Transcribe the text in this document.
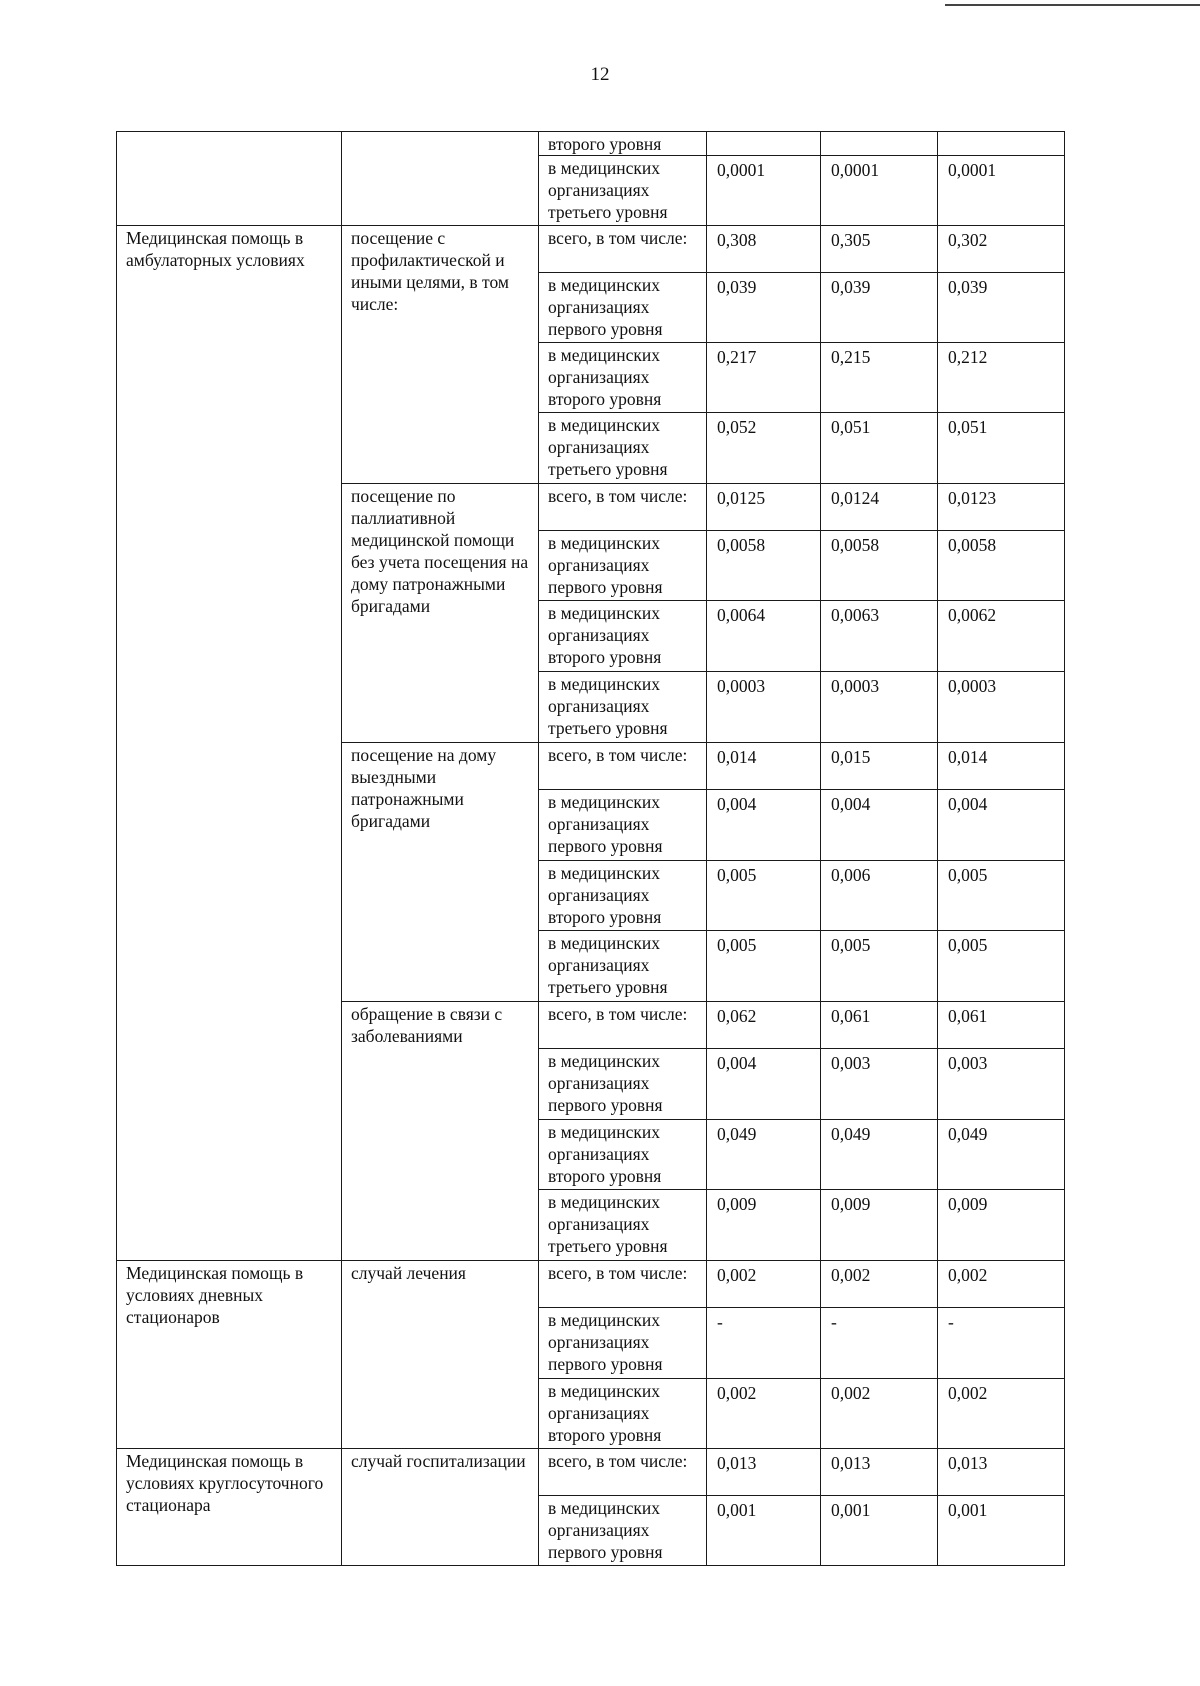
12
		второго уровня			
		в медицинских организациях третьего уровня	0,0001	0,0001	0,0001
Медицинская помощь в амбулаторных условиях	посещение с профилактической и иными целями, в том числе:	всего, в том числе:	0,308	0,305	0,302
		в медицинских организациях первого уровня	0,039	0,039	0,039
		в медицинских организациях второго уровня	0,217	0,215	0,212
		в медицинских организациях третьего уровня	0,052	0,051	0,051
	посещение по паллиативной медицинской помощи без учета посещения на дому патронажными бригадами	всего, в том числе:	0,0125	0,0124	0,0123
		в медицинских организациях первого уровня	0,0058	0,0058	0,0058
		в медицинских организациях второго уровня	0,0064	0,0063	0,0062
		в медицинских организациях третьего уровня	0,0003	0,0003	0,0003
	посещение на дому выездными патронажными бригадами	всего, в том числе:	0,014	0,015	0,014
		в медицинских организациях первого уровня	0,004	0,004	0,004
		в медицинских организациях второго уровня	0,005	0,006	0,005
		в медицинских организациях третьего уровня	0,005	0,005	0,005
	обращение в связи с заболеваниями	всего, в том числе:	0,062	0,061	0,061
		в медицинских организациях первого уровня	0,004	0,003	0,003
		в медицинских организациях второго уровня	0,049	0,049	0,049
		в медицинских организациях третьего уровня	0,009	0,009	0,009
Медицинская помощь в условиях дневных стационаров	случай лечения	всего, в том числе:	0,002	0,002	0,002
		в медицинских организациях первого уровня	-	-	-
		в медицинских организациях второго уровня	0,002	0,002	0,002
Медицинская помощь в условиях круглосуточного стационара	случай госпитализации	всего, в том числе:	0,013	0,013	0,013
		в медицинских организациях первого уровня	0,001	0,001	0,001
